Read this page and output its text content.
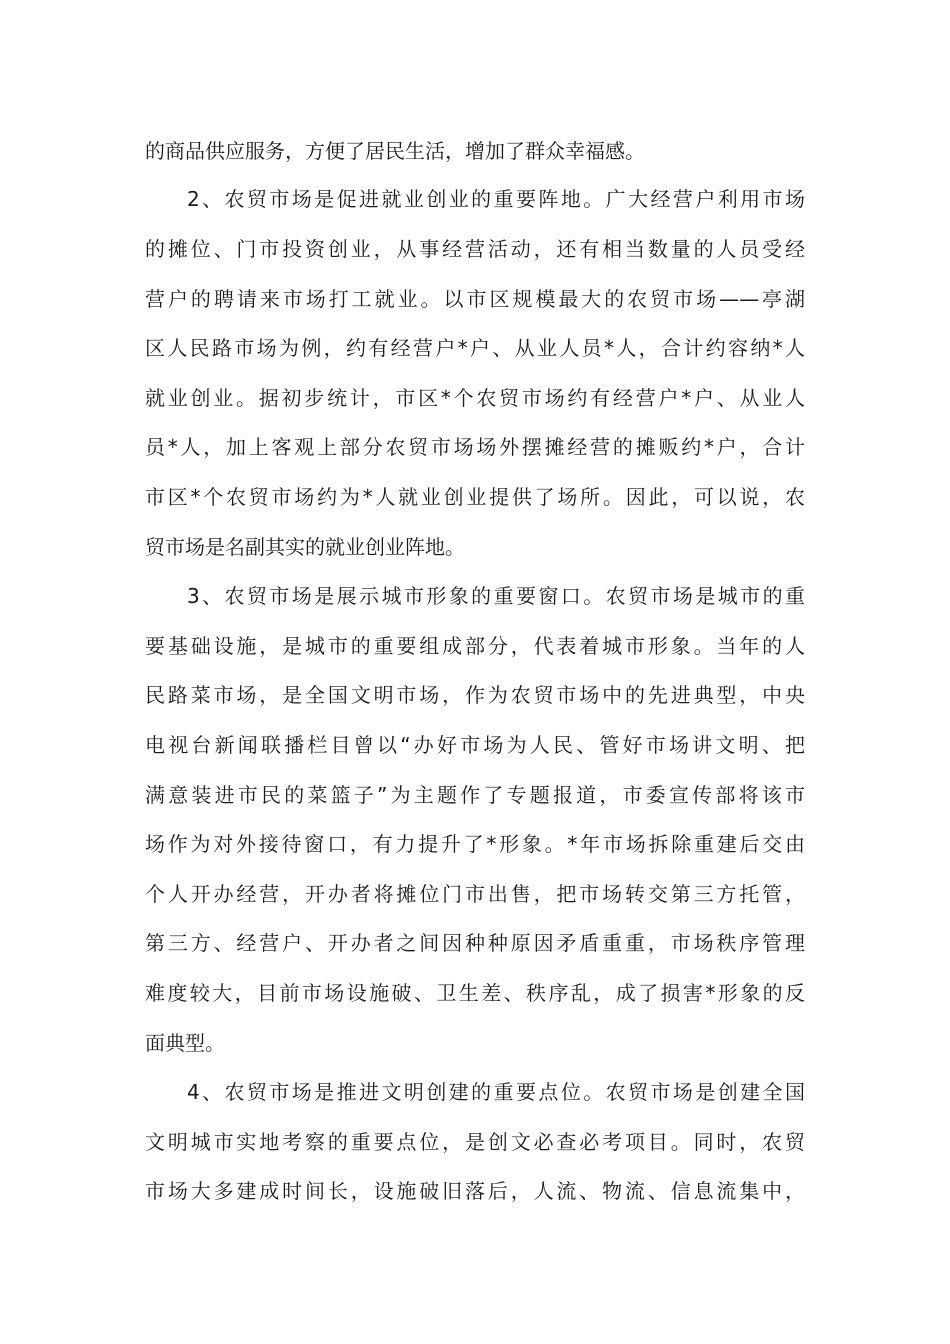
的商品供应服务，方便了居民生活，增加了群众幸福感。
2、农贸市场是促进就业创业的重要阵地。广大经营户利用市场
的摊位、门市投资创业，从事经营活动，还有相当数量的人员受经
营户的聘请来市场打工就业。以市区规模最大的农贸市场——亭湖
区人民路市场为例，约有经营户*户、从业人员*人，合计约容纳*人
就业创业。据初步统计，市区*个农贸市场约有经营户*户、从业人
员*人，加上客观上部分农贸市场场外摆摊经营的摊贩约*户，合计
市区*个农贸市场约为*人就业创业提供了场所。因此，可以说，农
贸市场是名副其实的就业创业阵地。
3、农贸市场是展示城市形象的重要窗口。农贸市场是城市的重
要基础设施，是城市的重要组成部分，代表着城市形象。当年的人
民路菜市场，是全国文明市场，作为农贸市场中的先进典型，中央
电视台新闻联播栏目曾以“办好市场为人民、管好市场讲文明、把
满意装进市民的菜篮子”为主题作了专题报道，市委宣传部将该市
场作为对外接待窗口，有力提升了*形象。*年市场拆除重建后交由
个人开办经营，开办者将摊位门市出售，把市场转交第三方托管，
第三方、经营户、开办者之间因种种原因矛盾重重，市场秩序管理
难度较大，目前市场设施破、卫生差、秩序乱，成了损害*形象的反
面典型。
4、农贸市场是推进文明创建的重要点位。农贸市场是创建全国
文明城市实地考察的重要点位，是创文必查必考项目。同时，农贸
市场大多建成时间长，设施破旧落后，人流、物流、信息流集中，
